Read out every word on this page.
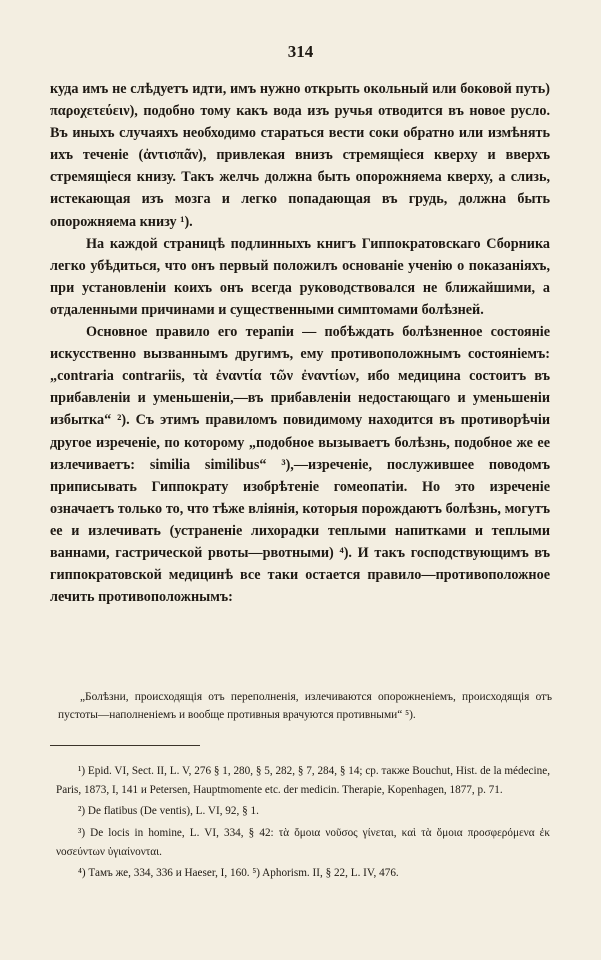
314

куда имъ не слѣдуетъ идти, имъ нужно открыть окольный или боковой путь) παροχετεύειν), подобно тому какъ вода изъ ручья отводится въ новое русло. Въ иныхъ случаяхъ необходимо стараться вести соки обратно или измѣнять ихъ теченіе (ἀντισπᾶν), привлекая внизъ стремящіеся кверху и вверхъ стремящіеся книзу. Такъ желчь должна быть опорожняема кверху, а слизь, истекающая изъ мозга и легко попадающая въ грудь, должна быть опорожняема книзу ¹).

На каждой страницѣ подлинныхъ книгъ Гиппократовскаго Сборника легко убѣдиться, что онъ первый положилъ основаніе ученію о показаніяхъ, при установленіи коихъ онъ всегда руководствовался не ближайшими, а отдаленными причинами и существенными симптомами болѣзней.

Основное правило его терапіи — побѣждать болѣзненное состояніе искусственно вызваннымъ другимъ, ему противоположнымъ состояніемъ: „contraria contrariis, τὰ ἐναντία τῶν ἐναντίων, ибо медицина состоитъ въ прибавленіи и уменьшеніи,—въ прибавленіи недостающаго и уменьшеніи избытка“ ²). Съ этимъ правиломъ повидимому находится въ противорѣчіи другое изреченіе, по которому „подобное вызываетъ болѣзнь, подобное же ее излечиваетъ: similia similibus“ ³),—изреченіе, послужившее поводомъ приписывать Гиппократу изобрѣтеніе гомеопатіи. Но это изреченіе означаетъ только то, что тѣже вліянія, которыя порождаютъ болѣзнь, могутъ ее и излечивать (устраненіе лихорадки теплыми напитками и теплыми ваннами, гастрической рвоты—рвотными) ⁴). И такъ господствующимъ въ гиппократовской медицинѣ все таки остается правило—противоположное лечить противоположнымъ:

„Болѣзни, происходящія отъ переполненія, излечиваются опорожненіемъ, происходящія отъ пустоты—наполненіемъ и вообще противныя врачуются противными“ ⁵).

¹) Epid. VI, Sect. II, L. V, 276 § 1, 280, § 5, 282, § 7, 284, § 14; ср. также Bouchut, Hist. de la médecine, Paris, 1873, I, 141 и Petersen, Hauptmomente etc. der medicin. Therapie, Kopenhagen, 1877, p. 71.

²) De flatibus (De ventis), L. VI, 92, § 1.

³) De locis in homine, L. VI, 334, § 42: τὰ ὅμοια νοῦσος γίνεται, καὶ τὰ ὅμοια προσφερόμενα ἐκ νοσεύντων ὑγιαίνονται.

⁴) Тамъ же, 334, 336 и Haeser, I, 160. ⁵) Aphorism. II, § 22, L. IV, 476.
